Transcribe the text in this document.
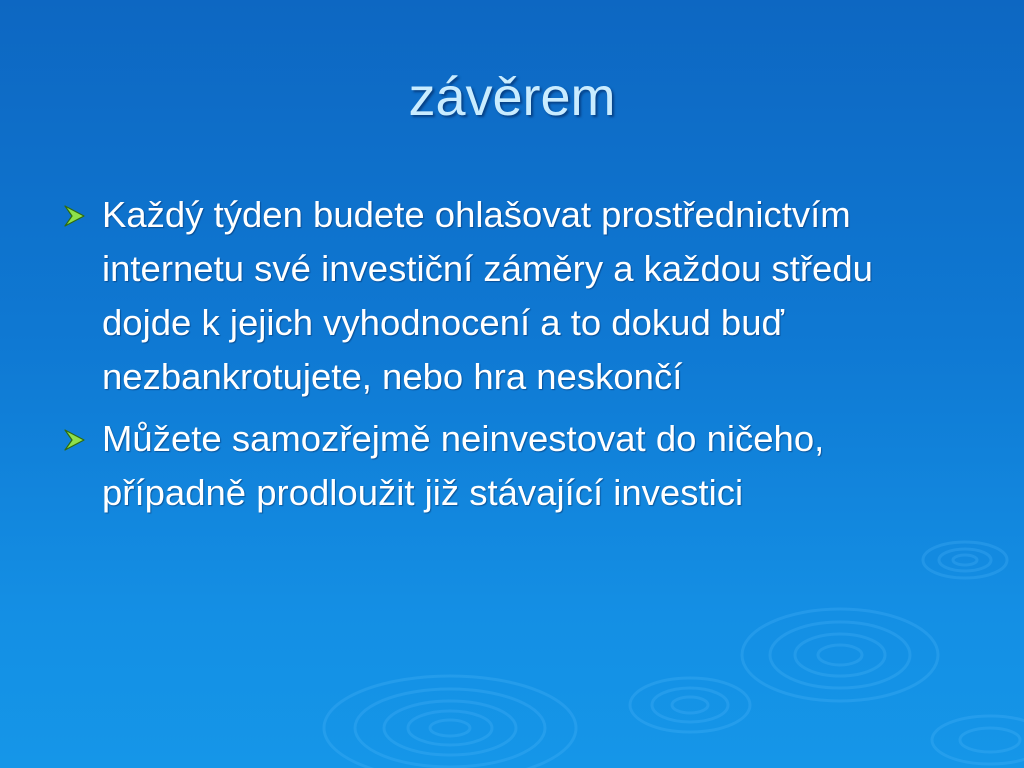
závěrem
Každý týden budete ohlašovat prostřednictvím internetu své investiční záměry a každou středu dojde k jejich vyhodnocení a to dokud buď nezbankrotujete, nebo hra neskončí
Můžete samozřejmě neinvestovat do ničeho, případně prodloužit již stávající investici
